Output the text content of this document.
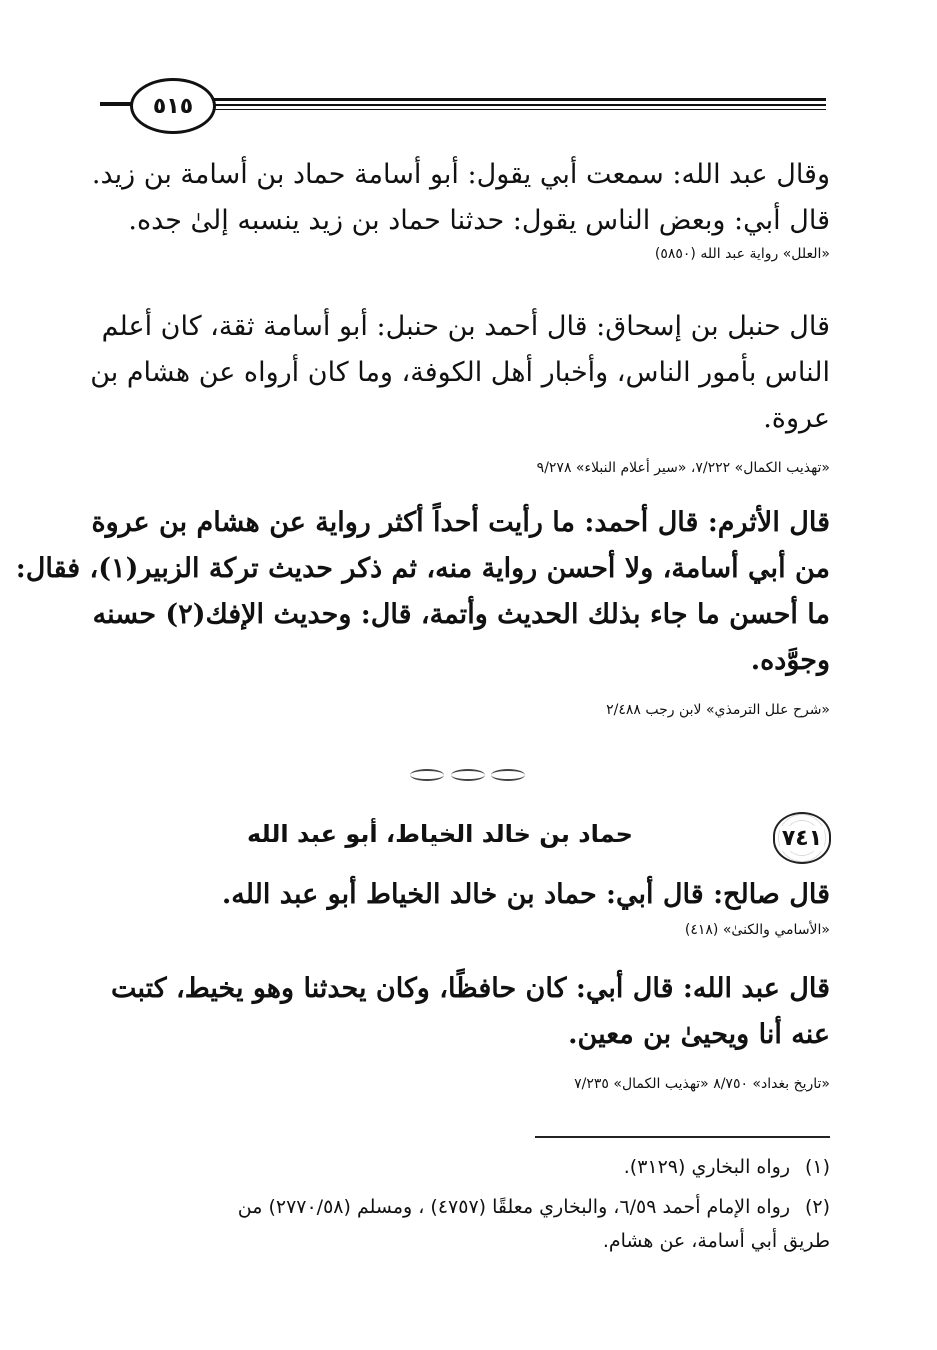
٥١٥
وقال عبد الله: سمعت أبي يقول: أبو أسامة حماد بن أسامة بن زيد.
قال أبي: وبعض الناس يقول: حدثنا حماد بن زيد ينسبه إلىٰ جده.
«العلل» رواية عبد الله (٥٨٥٠)
قال حنبل بن إسحاق: قال أحمد بن حنبل: أبو أسامة ثقة، كان أعلم
الناس بأمور الناس، وأخبار أهل الكوفة، وما كان أرواه عن هشام بن
عروة.
«تهذيب الكمال» ٧/٢٢٢، «سير أعلام النبلاء» ٩/٢٧٨
قال الأثرم: قال أحمد: ما رأيت أحداً أكثر رواية عن هشام بن عروة
من أبي أسامة، ولا أحسن رواية منه، ثم ذكر حديث تركة الزبير(١)، فقال:
ما أحسن ما جاء بذلك الحديث وأتمة، قال: وحديث الإفك(٢) حسنه
وجوَّده.
«شرح علل الترمذي» لابن رجب ٢/٤٨٨
٧٤١
حماد بن خالد الخياط، أبو عبد الله
قال صالح: قال أبي: حماد بن خالد الخياط أبو عبد الله.
«الأسامي والكنىٰ» (٤١٨)
قال عبد الله: قال أبي: كان حافظًا، وكان يحدثنا وهو يخيط، كتبت
عنه أنا ويحيىٰ بن معين.
«تاريخ بغداد» ٨/٧٥٠ «تهذيب الكمال» ٧/٢٣٥
(١)رواه البخاري (٣١٢٩).
(٢)رواه الإمام أحمد ٦/٥٩، والبخاري معلقًا (٤٧٥٧) ، ومسلم (٢٧٧٠/٥٨) من
طريق أبي أسامة، عن هشام.
